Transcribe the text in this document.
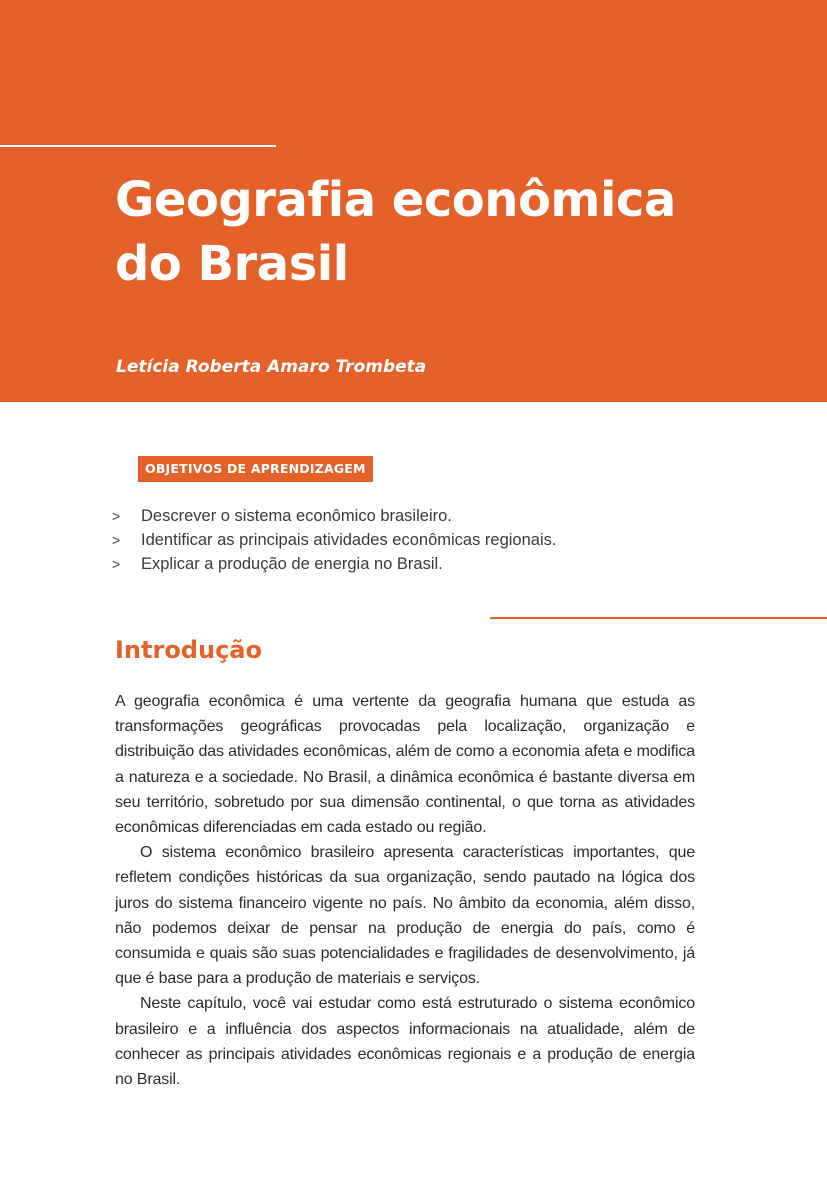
Geografia econômica
do Brasil

Letícia Roberta Amaro Trombeta

OBJETIVOS DE APRENDIZAGEM
> Descrever o sistema econômico brasileiro.
> Identificar as principais atividades econômicas regionais.
> Explicar a produção de energia no Brasil.
Introdução

A geografia econômica é uma vertente da geografia humana que estuda as transformações geográficas provocadas pela localização, organização e distribuição das atividades econômicas, além de como a economia afeta e modifica a natureza e a sociedade. No Brasil, a dinâmica econômica é bastante diversa em seu território, sobretudo por sua dimensão continental, o que torna as atividades econômicas diferenciadas em cada estado ou região.

O sistema econômico brasileiro apresenta características importantes, que refletem condições históricas da sua organização, sendo pautado na lógica dos juros do sistema financeiro vigente no país. No âmbito da economia, além disso, não podemos deixar de pensar na produção de energia do país, como é consumida e quais são suas potencialidades e fragilidades de desenvolvimento, já que é base para a produção de materiais e serviços.

Neste capítulo, você vai estudar como está estruturado o sistema econômico brasileiro e a influência dos aspectos informacionais na atualidade, além de conhecer as principais atividades econômicas regionais e a produção de energia no Brasil.
